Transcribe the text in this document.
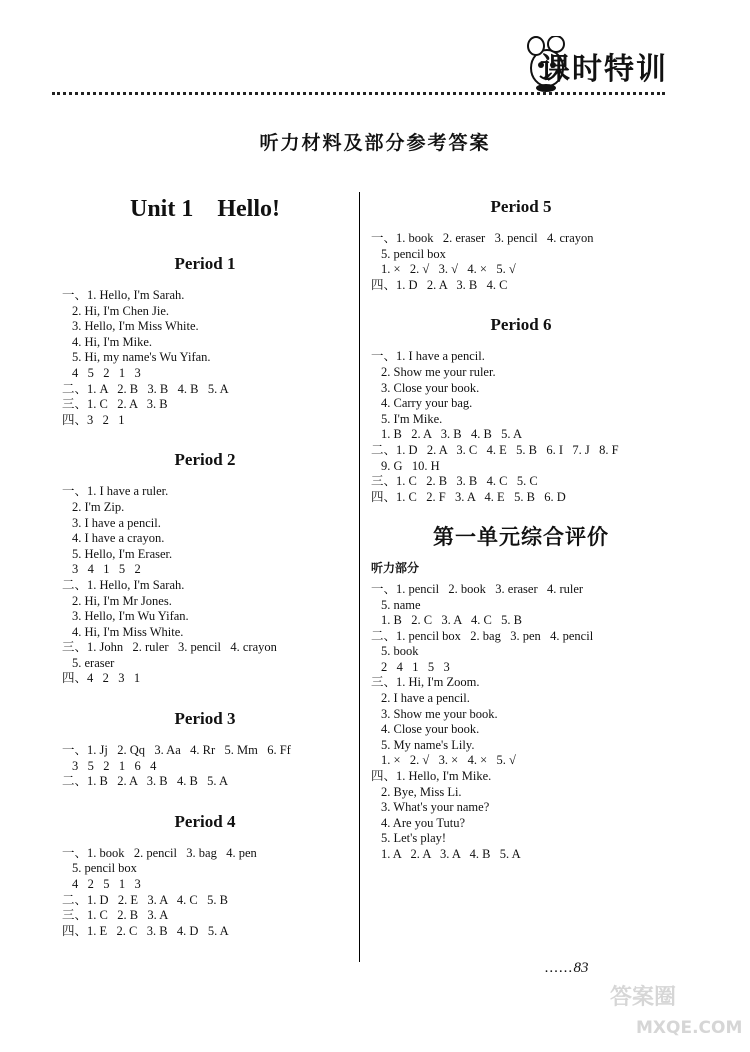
课时特训
听力材料及部分参考答案
Unit 1 Hello!
Period 1
一、1. Hello, I'm Sarah.
2. Hi, I'm Chen Jie.
3. Hello, I'm Miss White.
4. Hi, I'm Mike.
5. Hi, my name's Wu Yifan.
4   5   2   1   3
二、1. A   2. B   3. B   4. B   5. A
三、1. C   2. A   3. B
四、3   2   1
Period 2
一、1. I have a ruler.
2. I'm Zip.
3. I have a pencil.
4. I have a crayon.
5. Hello, I'm Eraser.
3   4   1   5   2
二、1. Hello, I'm Sarah.
2. Hi, I'm Mr Jones.
3. Hello, I'm Wu Yifan.
4. Hi, I'm Miss White.
三、1. John   2. ruler   3. pencil   4. crayon
5. eraser
四、4   2   3   1
Period 3
一、1. Jj   2. Qq   3. Aa   4. Rr   5. Mm   6. Ff
3   5   2   1   6   4
二、1. B   2. A   3. B   4. B   5. A
Period 4
一、1. book   2. pencil   3. bag   4. pen
5. pencil box
4   2   5   1   3
二、1. D   2. E   3. A   4. C   5. B
三、1. C   2. B   3. A
四、1. E   2. C   3. B   4. D   5. A
Period 5
一、1. book   2. eraser   3. pencil   4. crayon
5. pencil box
1. ×   2. √   3. √   4. ×   5. √
四、1. D   2. A   3. B   4. C
Period 6
一、1. I have a pencil.
2. Show me your ruler.
3. Close your book.
4. Carry your bag.
5. I'm Mike.
1. B   2. A   3. B   4. B   5. A
二、1. D   2. A   3. C   4. E   5. B   6. I   7. J   8. F
9. G   10. H
三、1. C   2. B   3. B   4. C   5. C
四、1. C   2. F   3. A   4. E   5. B   6. D
第一单元综合评价
听力部分
一、1. pencil   2. book   3. eraser   4. ruler
5. name
1. B   2. C   3. A   4. C   5. B
二、1. pencil box   2. bag   3. pen   4. pencil
5. book
2   4   1   5   3
三、1. Hi, I'm Zoom.
2. I have a pencil.
3. Show me your book.
4. Close your book.
5. My name's Lily.
1. ×   2. √   3. ×   4. ×   5. √
四、1. Hello, I'm Mike.
2. Bye, Miss Li.
3. What's your name?
4. Are you Tutu?
5. Let's play!
1. A   2. A   3. A   4. B   5. A
......83
答案圈
MXQE.COM
